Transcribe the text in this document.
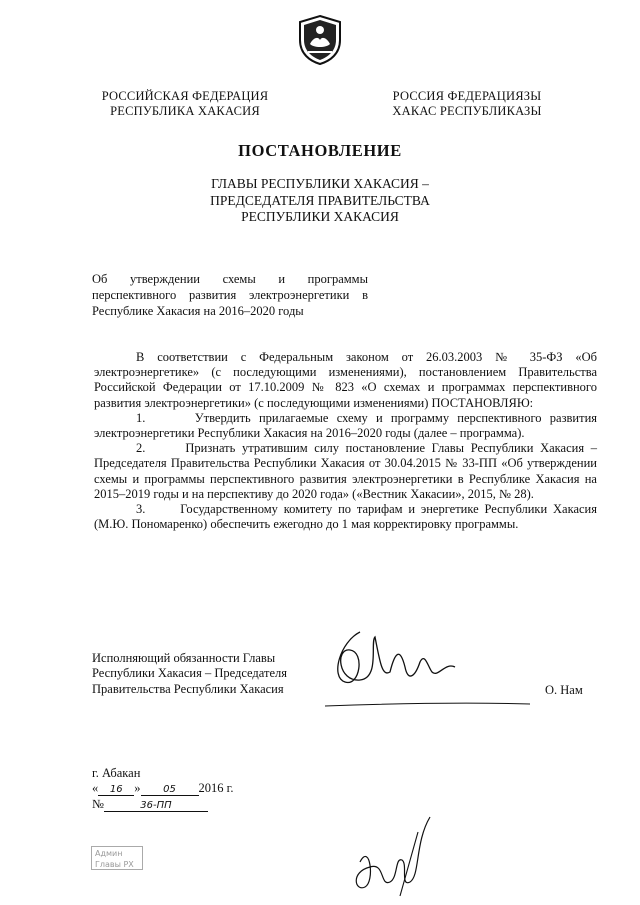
РОССИЙСКАЯ ФЕДЕРАЦИЯ
РЕСПУБЛИКА ХАКАСИЯ
РОССИЯ ФЕДЕРАЦИЯЗЫ
ХАКАС РЕСПУБЛИКАЗЫ
ПОСТАНОВЛЕНИЕ
ГЛАВЫ РЕСПУБЛИКИ ХАКАСИЯ –
ПРЕДСЕДАТЕЛЯ ПРАВИТЕЛЬСТВА
РЕСПУБЛИКИ ХАКАСИЯ
Об утверждении схемы и программы перспективного развития электроэнергетики в Республике Хакасия на 2016–2020 годы

В соответствии с Федеральным законом от 26.03.2003 № 35-ФЗ «Об электроэнергетике» (с последующими изменениями), постановлением Правительства Российской Федерации от 17.10.2009 № 823 «О схемах и программах перспективного развития электроэнергетики» (с последующими изменениями) ПОСТАНОВЛЯЮ:

1.	Утвердить прилагаемые схему и программу перспективного развития электроэнергетики Республики Хакасия на 2016–2020 годы (далее – программа).

2.	Признать утратившим силу постановление Главы Республики Хакасия – Председателя Правительства Республики Хакасия от 30.04.2015 № 33-ПП «Об утверждении схемы и программы перспективного развития электроэнергетики в Республике Хакасия на 2015–2019 годы и на перспективу до 2020 года» («Вестник Хакасии», 2015, № 28).

3.	Государственному комитету по тарифам и энергетике Республики Хакасия (М.Ю. Пономаренко) обеспечить ежегодно до 1 мая корректировку программы.

Исполняющий обязанности Главы
Республики Хакасия – Председателя
Правительства Республики Хакасия	О. Нам
г. Абакан
« 16 » 05 2016 г.
№	36-ПП
Админ
Главы РХ
